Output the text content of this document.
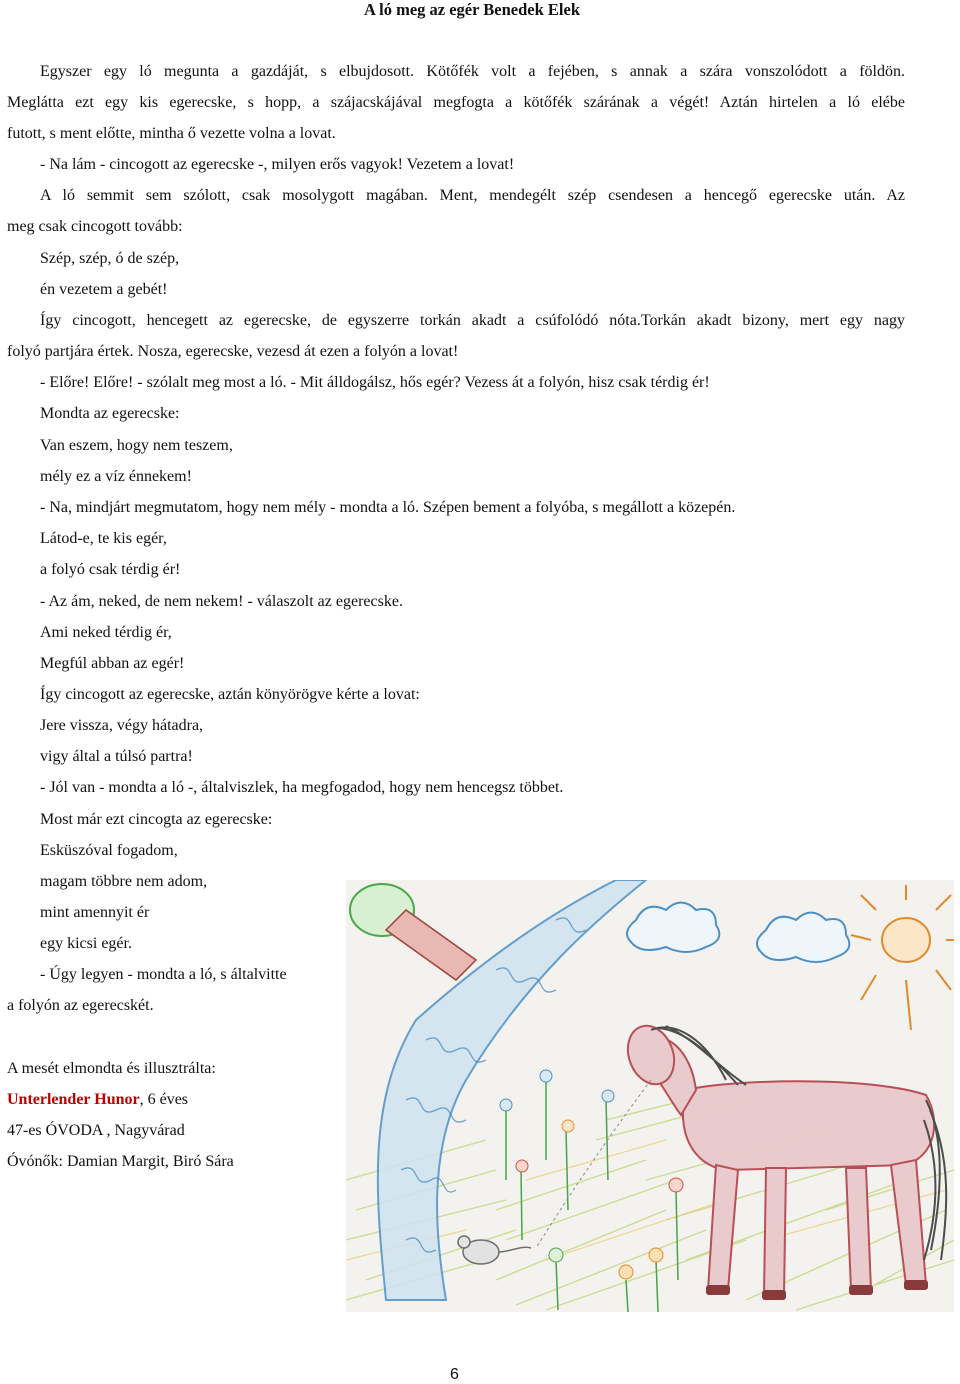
A ló meg az egér Benedek Elek
Egyszer egy ló megunta a gazdáját, s elbujdosott. Kötőfék volt a fejében, s annak a szára vonszolódott a földön.
Meglátta ezt egy kis egerecske, s hopp, a szájacskájával megfogta a kötőfék szárának a végét! Aztán hirtelen a ló elébe
futott, s ment előtte, mintha ő vezette volna a lovat.
- Na lám - cincogott az egerecske -, milyen erős vagyok! Vezetem a lovat!
A ló semmit sem szólott, csak mosolygott magában. Ment, mendegélt szép csendesen a hencegő egerecske után. Az
meg csak cincogott tovább:
Szép, szép, ó de szép,
én vezetem a gebét!
Így cincogott, hencegett az egerecske, de egyszerre torkán akadt a csúfolódó nóta.Torkán akadt bizony, mert egy nagy
folyó partjára értek. Nosza, egerecske, vezesd át ezen a folyón a lovat!
- Előre! Előre! - szólalt meg most a ló. - Mit álldogálsz, hős egér? Vezess át a folyón, hisz csak térdig ér!
Mondta az egerecske:
Van eszem, hogy nem teszem,
mély ez a víz énnekem!
- Na, mindjárt megmutatom, hogy nem mély - mondta a ló. Szépen bement a folyóba, s megállott a közepén.
Látod-e, te kis egér,
a folyó csak térdig ér!
- Az ám, neked, de nem nekem! - válaszolt az egerecske.
Ami neked térdig ér,
Megfúl abban az egér!
Így cincogott az egerecske, aztán könyörögve kérte a lovat:
Jere vissza, végy hátadra,
vigy által a túlsó partra!
- Jól van - mondta a ló -, általviszlek, ha megfogadod, hogy nem hencegsz többet.
Most már ezt cincogta az egerecske:
Esküszóval fogadom,
magam többre nem adom,
mint amennyit ér
egy kicsi egér.
- Úgy legyen - mondta a ló, s általvitte
a folyón az egerecskét.
A mesét elmondta és illusztrálta:
Unterlender Hunor, 6 éves
47-es ÓVODA , Nagyvárad
Óvónők: Damian Margit, Biró Sára
6
